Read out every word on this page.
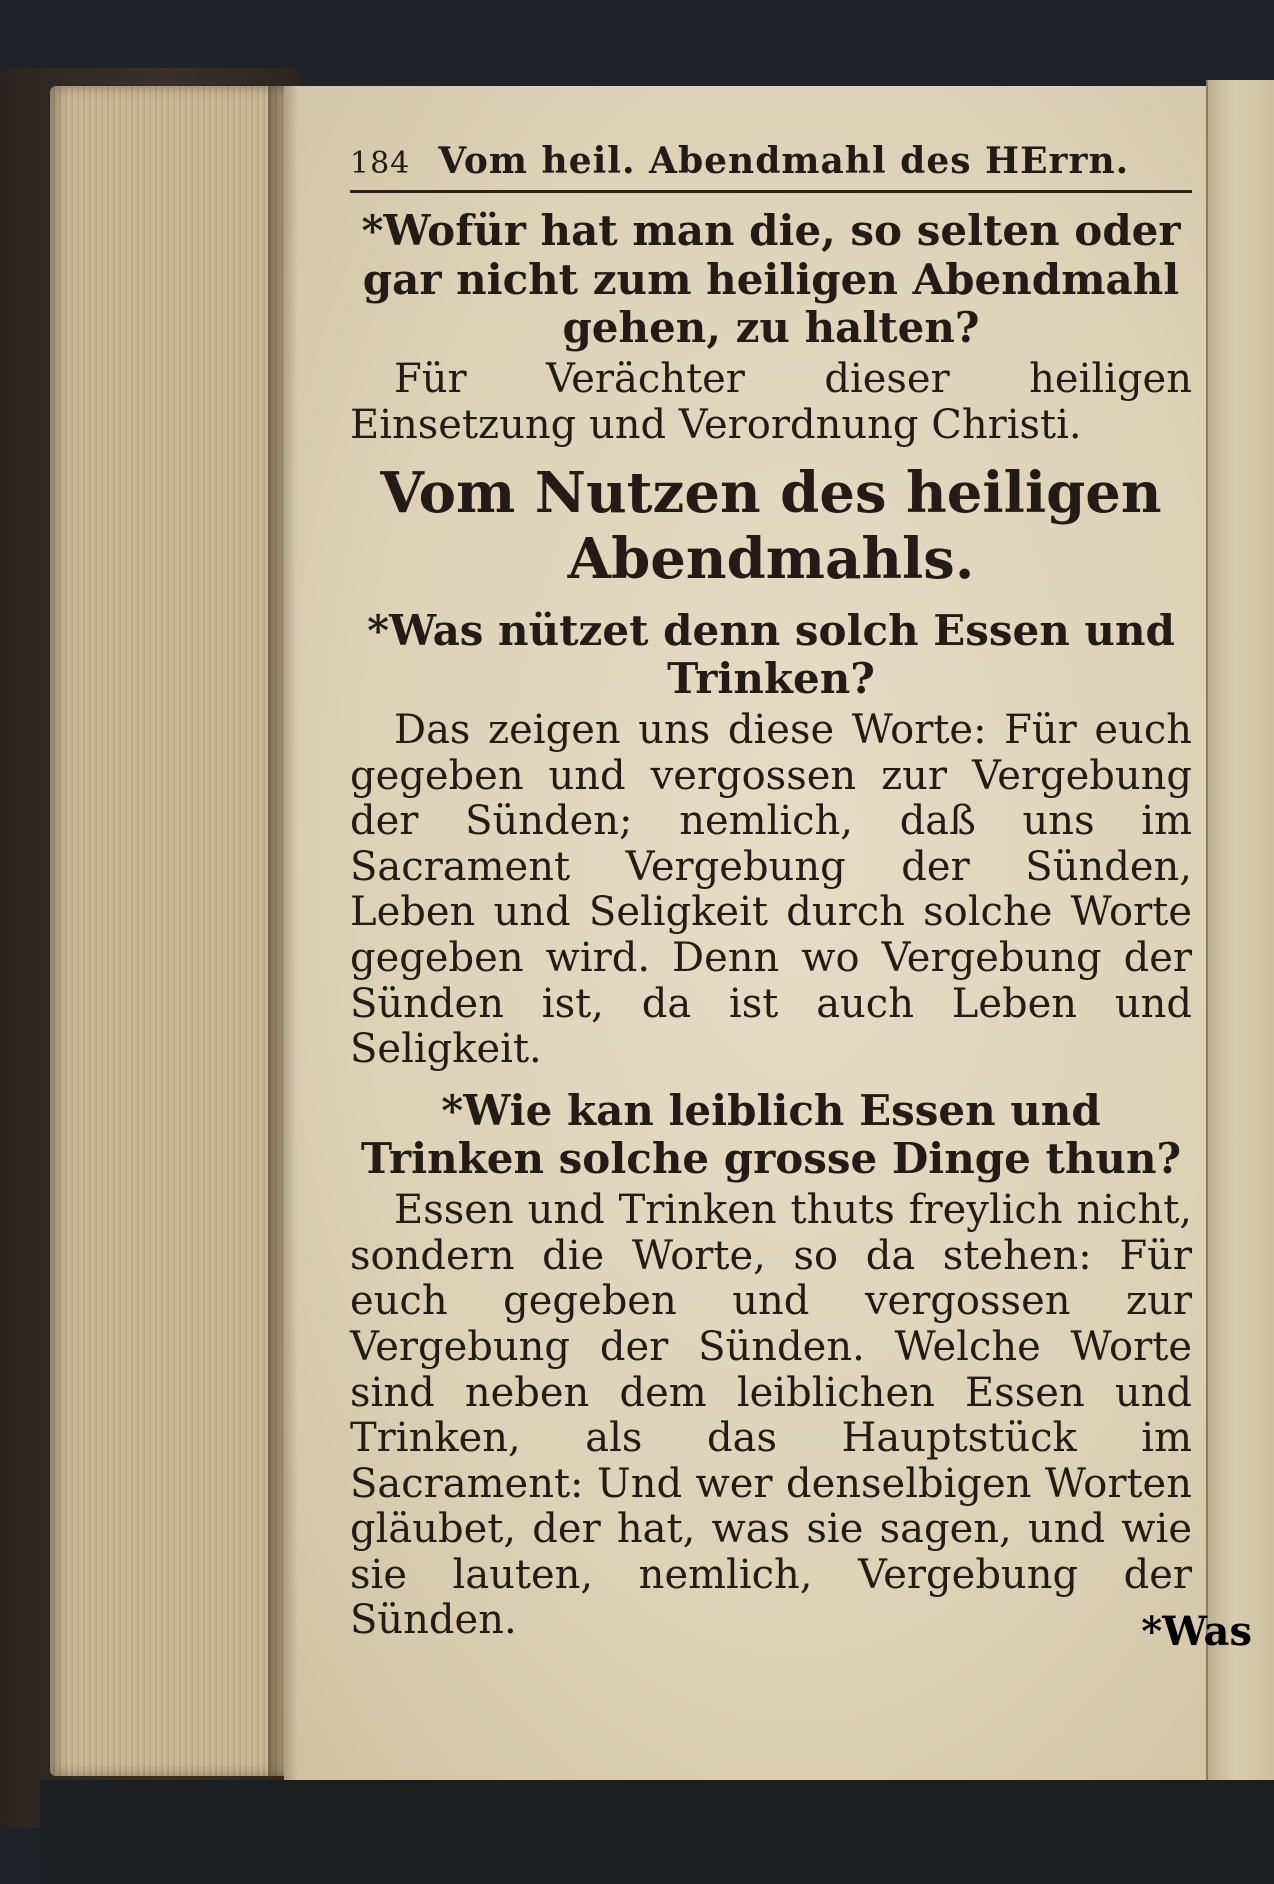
184 Vom heil. Abendmahl des HErrn.

*Wofür hat man die, so selten oder gar nicht zum heiligen Abendmahl gehen, zu halten?

Für Verächter dieser heiligen Einsetzung und Verordnung Christi.

Vom Nutzen des heiligen Abendmahls.

*Was nützet denn solch Essen und Trinken?

Das zeigen uns diese Worte: Für euch gegeben und vergossen zur Vergebung der Sünden; nemlich, daß uns im Sacrament Vergebung der Sünden, Leben und Seligkeit durch solche Worte gegeben wird. Denn wo Vergebung der Sünden ist, da ist auch Leben und Seligkeit.

*Wie kan leiblich Essen und Trinken solche grosse Dinge thun?

Essen und Trinken thuts freylich nicht, sondern die Worte, so da stehen: Für euch gegeben und vergossen zur Vergebung der Sünden. Welche Worte sind neben dem leiblichen Essen und Trinken, als das Hauptstück im Sacrament: Und wer denselbigen Worten gläubet, der hat, was sie sagen, und wie sie lauten, nemlich, Vergebung der Sünden.	*Was
